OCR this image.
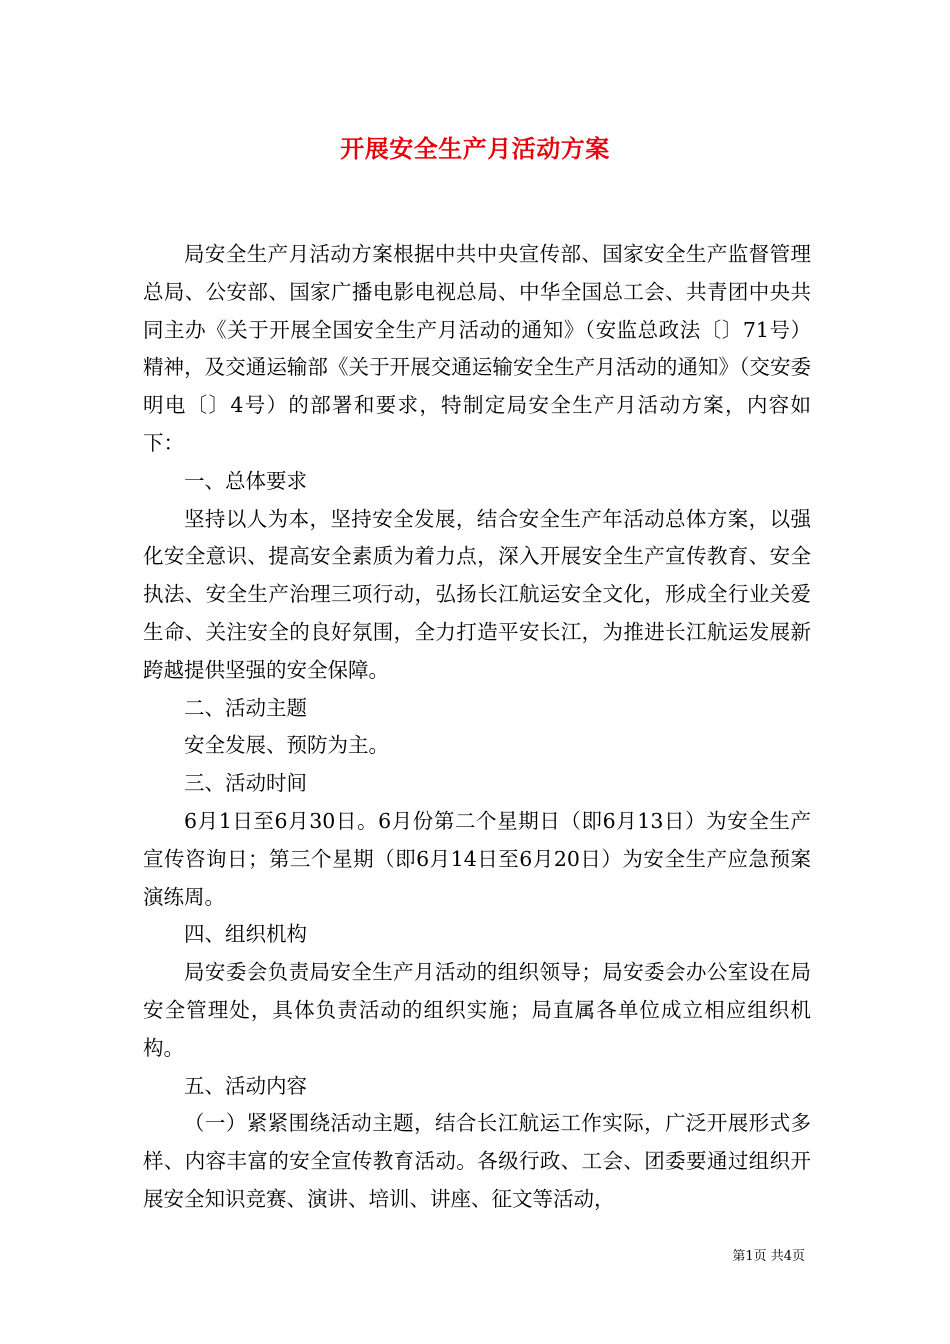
开展安全生产月活动方案

局安全生产月活动方案根据中共中央宣传部、国家安全生产监督管理总局、公安部、国家广播电影电视总局、中华全国总工会、共青团中央共同主办《关于开展全国安全生产月活动的通知》（安监总政法〔〕71号）精神，及交通运输部《关于开展交通运输安全生产月活动的通知》（交安委明电〔〕4号）的部署和要求，特制定局安全生产月活动方案，内容如下：

一、总体要求

坚持以人为本，坚持安全发展，结合安全生产年活动总体方案，以强化安全意识、提高安全素质为着力点，深入开展安全生产宣传教育、安全执法、安全生产治理三项行动，弘扬长江航运安全文化，形成全行业关爱生命、关注安全的良好氛围，全力打造平安长江，为推进长江航运发展新跨越提供坚强的安全保障。

二、活动主题

安全发展、预防为主。

三、活动时间

6月1日至6月30日。6月份第二个星期日（即6月13日）为安全生产宣传咨询日；第三个星期（即6月14日至6月20日）为安全生产应急预案演练周。

四、组织机构

局安委会负责局安全生产月活动的组织领导；局安委会办公室设在局安全管理处，具体负责活动的组织实施；局直属各单位成立相应组织机构。

五、活动内容

（一）紧紧围绕活动主题，结合长江航运工作实际，广泛开展形式多样、内容丰富的安全宣传教育活动。各级行政、工会、团委要通过组织开展安全知识竞赛、演讲、培训、讲座、征文等活动，

第1页 共4页
